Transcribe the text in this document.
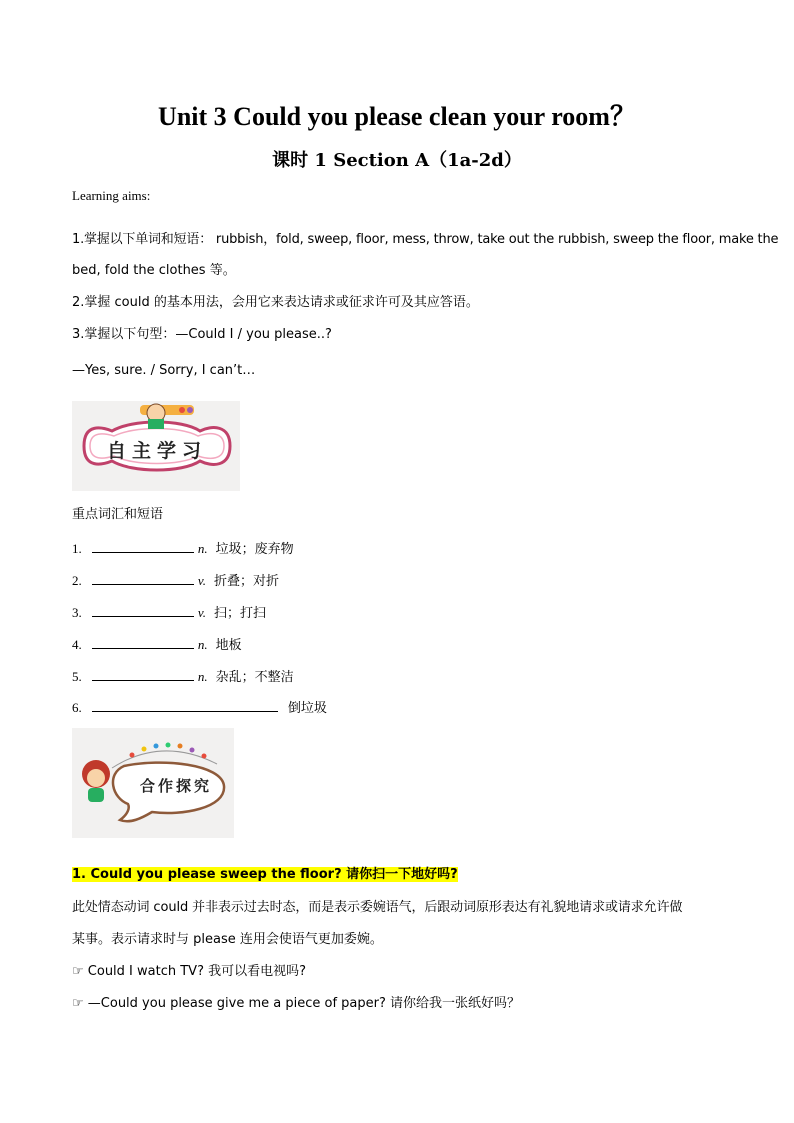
Unit 3 Could you please clean your room？
课时 1 Section A（1a-2d）
Learning aims:
1.掌握以下单词和短语： rubbish，fold, sweep, floor, mess, throw, take out the rubbish, sweep the floor, make the
bed, fold the clothes 等。
2.掌握 could 的基本用法，会用它来表达请求或征求许可及其应答语。
3.掌握以下句型：—Could I / you please..?
—Yes, sure. / Sorry, I can’t…
自主学习
重点词汇和短语
1.	n. 垃圾；废弃物
2.	v. 折叠；对折
3.	v. 扫；打扫
4.	n. 地板
5.	n. 杂乱；不整洁
6.	倒垃圾
合作探究
1. Could you please sweep the floor? 请你扫一下地好吗?
此处情态动词 could 并非表示过去时态，而是表示委婉语气，后跟动词原形表达有礼貌地请求或请求允许做
某事。表示请求时与 please 连用会使语气更加委婉。
☞ Could I watch TV? 我可以看电视吗?
☞ —Could you please give me a piece of paper? 请你给我一张纸好吗？
